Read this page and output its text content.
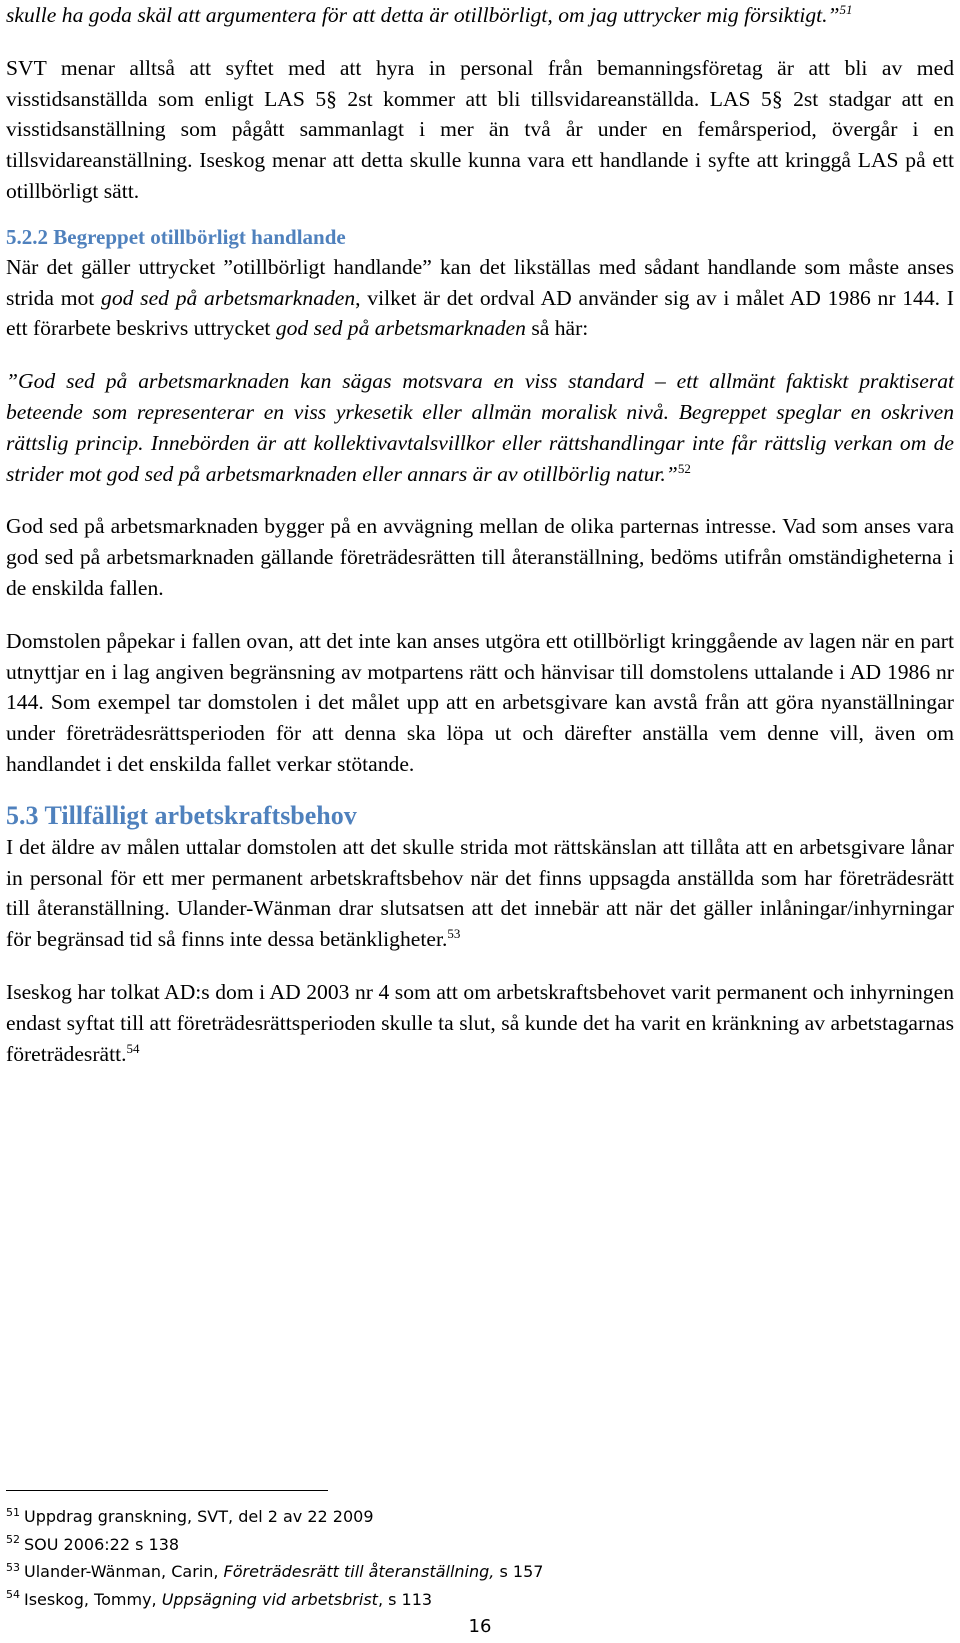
skulle ha goda skäl att argumentera för att detta är otillbörligt, om jag uttrycker mig försiktigt.”$^{51}$

SVT menar alltså att syftet med att hyra in personal från bemanningsföretag är att bli av med visstidsanställda som enligt LAS 5§ 2st kommer att bli tillsvidareanställda. LAS 5§ 2st stadgar att en visstidsanställning som pågått sammanlagt i mer än två år under en femårsperiod, övergår i en tillsvidareanställning. Iseskog menar att detta skulle kunna vara ett handlande i syfte att kringgå LAS på ett otillbörligt sätt.

5.2.2 Begreppet otillbörligt handlande

När det gäller uttrycket ”otillbörligt handlande” kan det likställas med sådant handlande som måste anses strida mot god sed på arbetsmarknaden, vilket är det ordval AD använder sig av i målet AD 1986 nr 144. I ett förarbete beskrivs uttrycket god sed på arbetsmarknaden så här:

”God sed på arbetsmarknaden kan sägas motsvara en viss standard – ett allmänt faktiskt praktiserat beteende som representerar en viss yrkesetik eller allmän moralisk nivå. Begreppet speglar en oskriven rättslig princip. Innebörden är att kollektivavtalsvillkor eller rättshandlingar inte får rättslig verkan om de strider mot god sed på arbetsmarknaden eller annars är av otillbörlig natur.”$^{52}$

God sed på arbetsmarknaden bygger på en avvägning mellan de olika parternas intresse. Vad som anses vara god sed på arbetsmarknaden gällande företrädesrätten till återanställning, bedöms utifrån omständigheterna i de enskilda fallen.

Domstolen påpekar i fallen ovan, att det inte kan anses utgöra ett otillbörligt kringgående av lagen när en part utnyttjar en i lag angiven begränsning av motpartens rätt och hänvisar till domstolens uttalande i AD 1986 nr 144. Som exempel tar domstolen i det målet upp att en arbetsgivare kan avstå från att göra nyanställningar under företrädesrättsperioden för att denna ska löpa ut och därefter anställa vem denne vill, även om handlandet i det enskilda fallet verkar stötande.

5.3 Tillfälligt arbetskraftsbehov

I det äldre av målen uttalar domstolen att det skulle strida mot rättskänslan att tillåta att en arbetsgivare lånar in personal för ett mer permanent arbetskraftsbehov när det finns uppsagda anställda som har företrädesrätt till återanställning. Ulander-Wänman drar slutsatsen att det innebär att när det gäller inlåningar/inhyrningar för begränsad tid så finns inte dessa betänkligheter.$^{53}$

Iseskog har tolkat AD:s dom i AD 2003 nr 4 som att om arbetskraftsbehovet varit permanent och inhyrningen endast syftat till att företrädesrättsperioden skulle ta slut, så kunde det ha varit en kränkning av arbetstagarnas företrädesrätt.$^{54}$

$^{51}$ Uppdrag granskning, SVT, del 2 av 22 2009
$^{52}$ SOU 2006:22 s 138
$^{53}$ Ulander-Wänman, Carin, Företrädesrätt till återanställning, s 157
$^{54}$ Iseskog, Tommy, Uppsägning vid arbetsbrist, s 113
16
